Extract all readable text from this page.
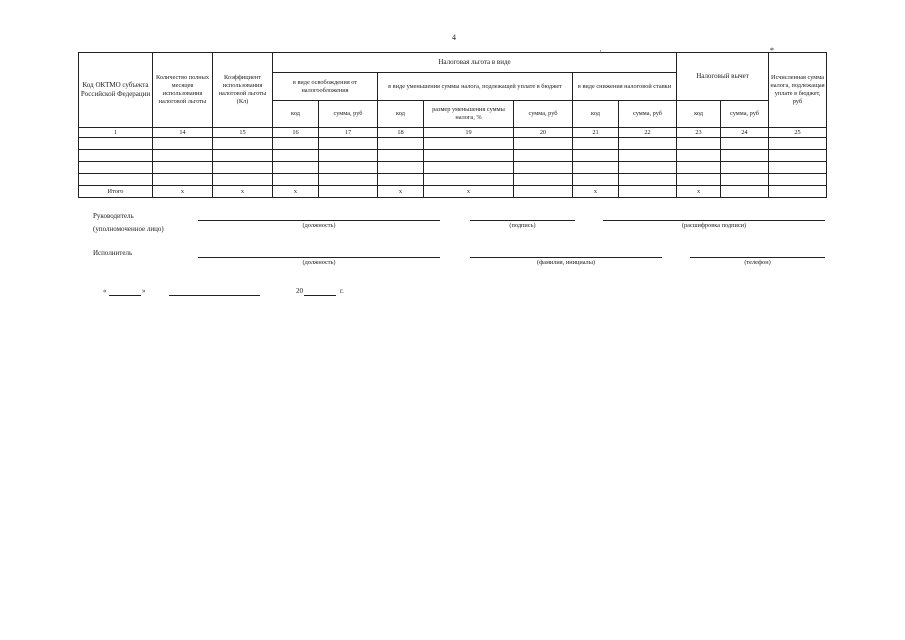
4
'	*
Код ОКТМО субъекта Российской Федерации	Количество полных месяцев использования налоговой льготы	Коэффициент использования налоговой льготы (Кл)	Налоговая льгота в виде							Налоговый вычет		Исчисленная сумма налога, подлежащая уплате в бюджет, руб
			в виде освобождения от налогообложения		в виде уменьшения суммы налога, подлежащей уплате в бюджет			в виде снижения налоговой ставки				
			код	сумма, руб	код	размер уменьшения суммы налога, %	сумма, руб	код	сумма, руб	код	сумма, руб	
1	14	15	16	17	18	19	20	21	22	23	24	25

Итого	x	x	x		x	x		x		x		
Руководитель
(уполномоченное лицо)	(должность)	(подпись)	(расшифровка подписи)
Исполнитель
(должность)	(фамилия, инициалы)	(телефон)
«	»	20	г.
